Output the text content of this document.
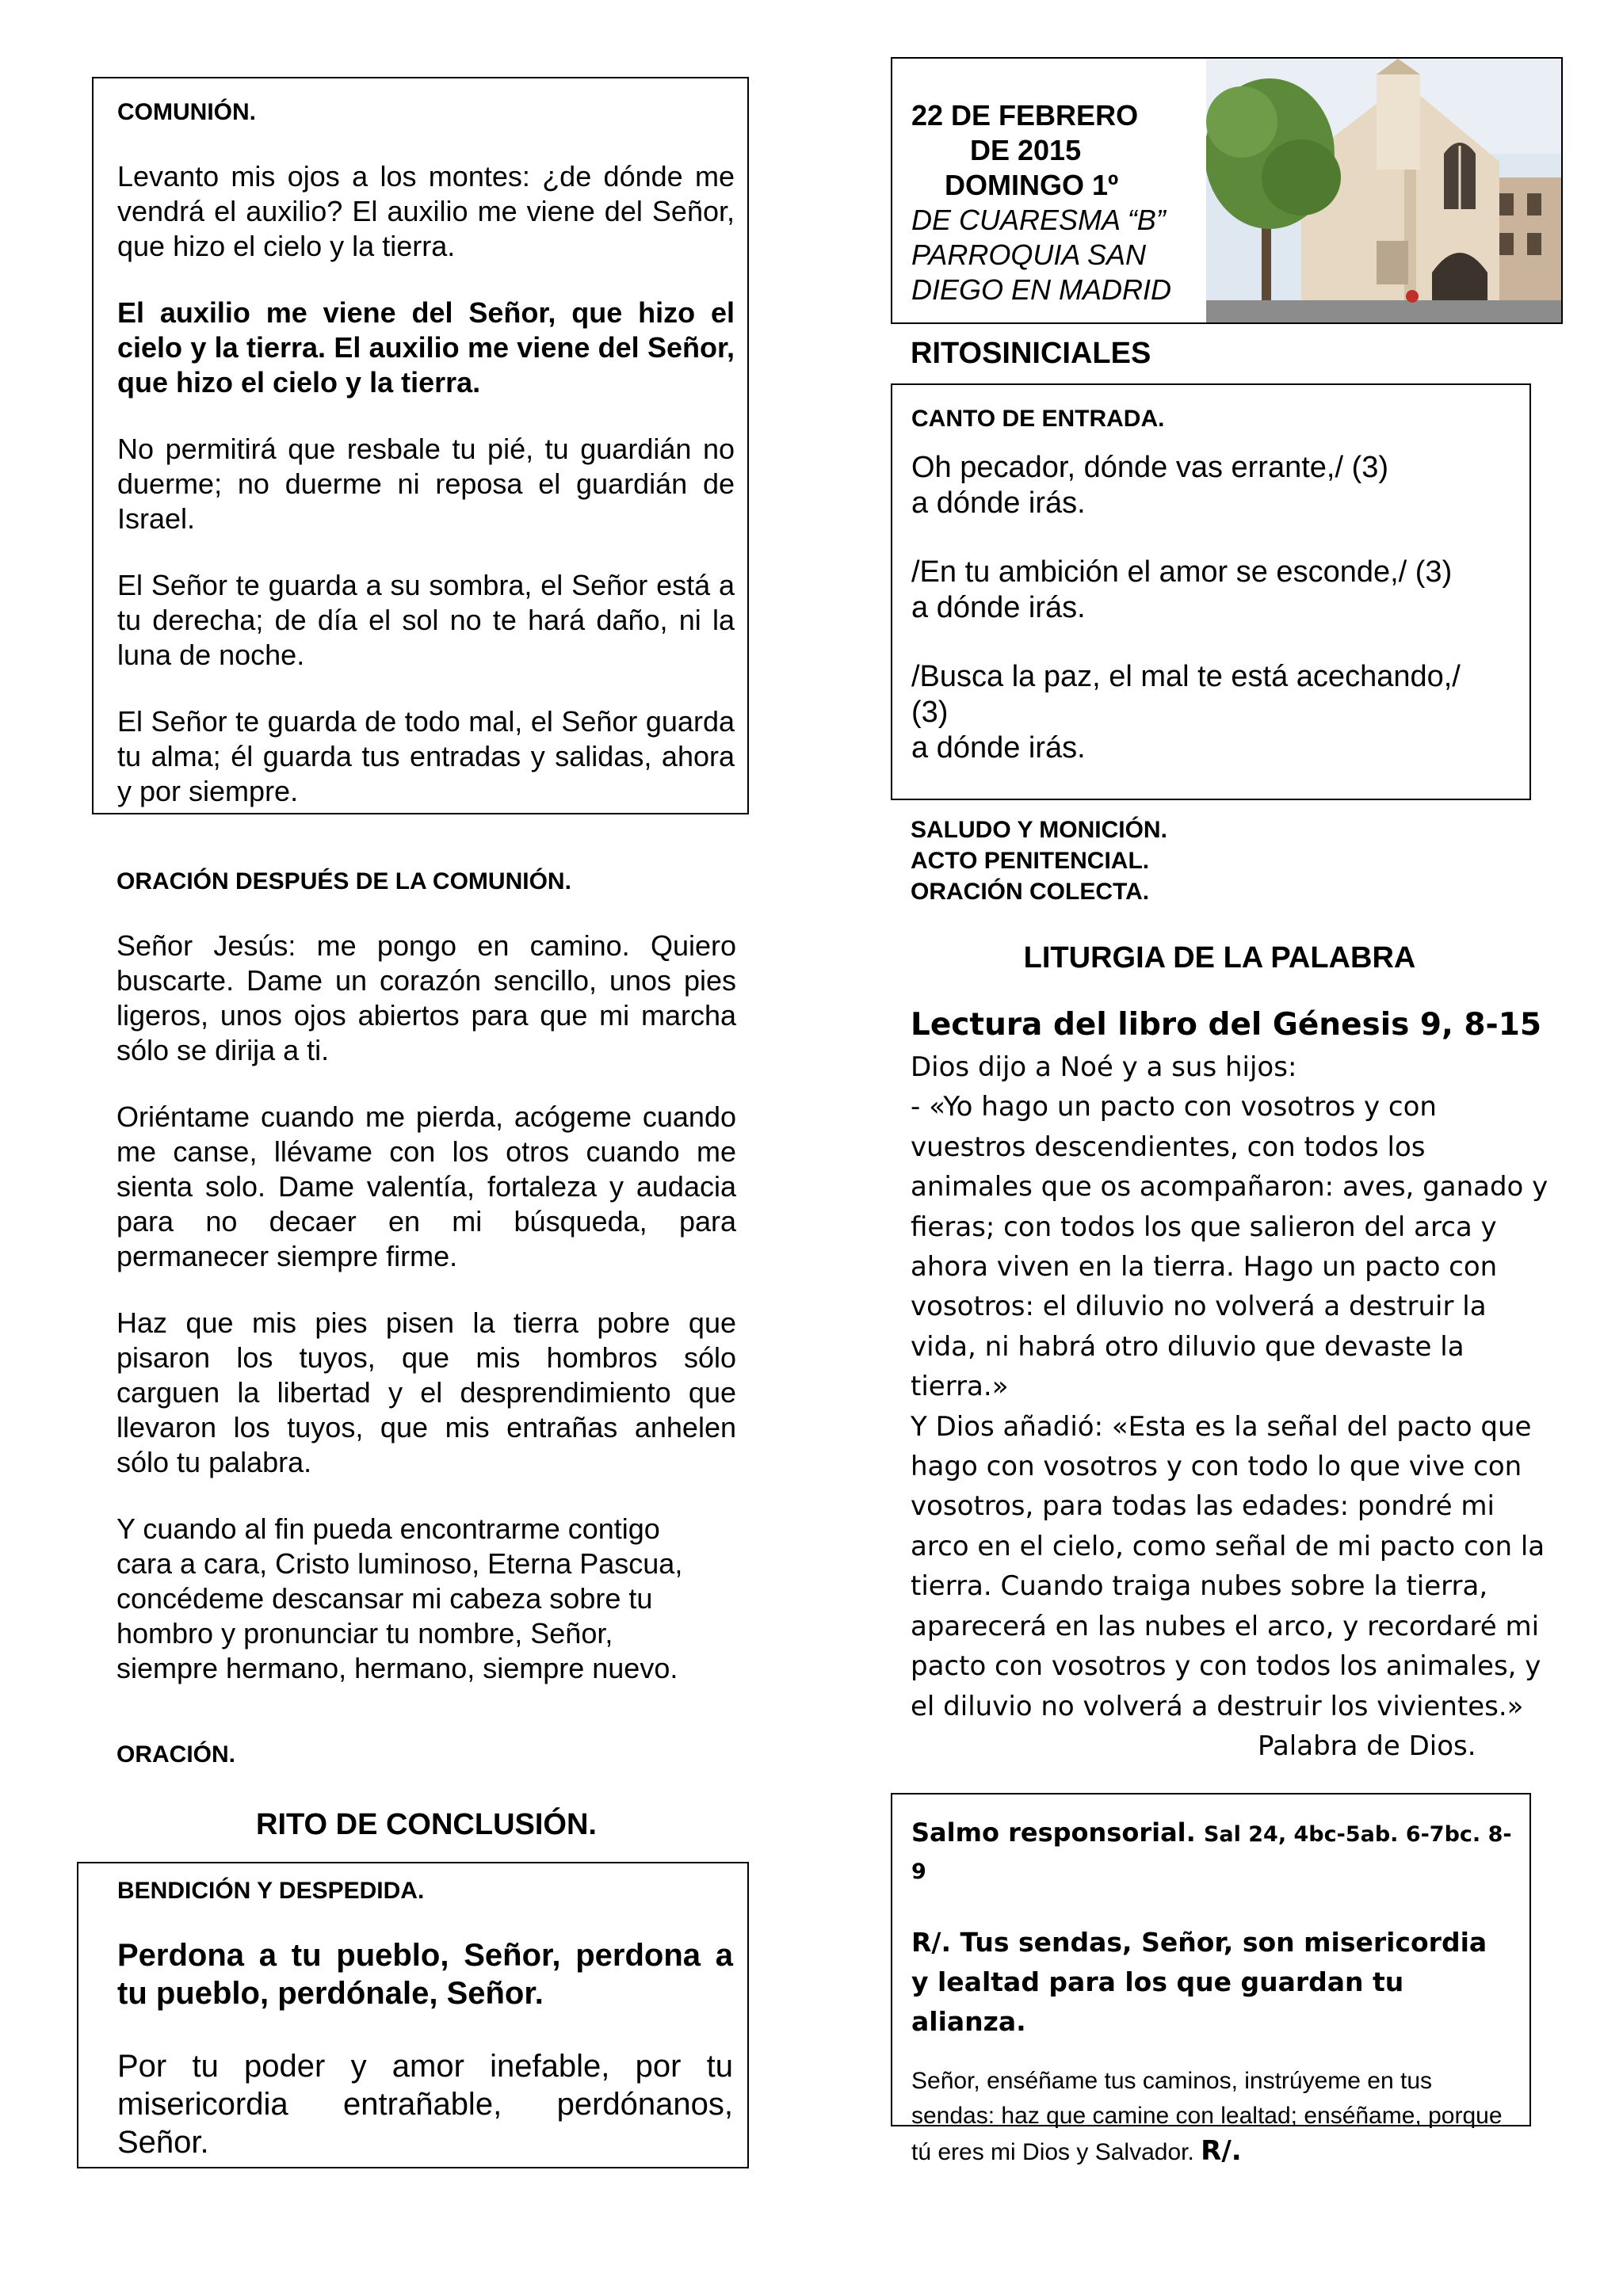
COMUNIÓN.

Levanto mis ojos a los montes: ¿de dónde me vendrá el auxilio? El auxilio me viene del Señor, que hizo el cielo y la tierra.

El auxilio me viene del Señor, que hizo el cielo y la tierra. El auxilio me viene del Señor, que hizo el cielo y la tierra.

No permitirá que resbale tu pié, tu guardián no duerme; no duerme ni reposa el guardián de Israel.

El Señor te guarda a su sombra, el Señor está a tu derecha; de día el sol no te hará daño, ni la luna de noche.

El Señor te guarda de todo mal, el Señor guarda tu alma; él guarda tus entradas y salidas, ahora y por siempre.

ORACIÓN DESPUÉS DE LA COMUNIÓN.

Señor Jesús: me pongo en camino. Quiero buscarte. Dame un corazón sencillo, unos pies ligeros, unos ojos abiertos para que mi marcha sólo se dirija a ti.

Oriéntame cuando me pierda, acógeme cuando me canse, llévame con los otros cuando me sienta solo. Dame valentía, fortaleza y audacia para no decaer en mi búsqueda, para permanecer siempre firme.

Haz que mis pies pisen la tierra pobre que pisaron los tuyos, que mis hombros sólo carguen la libertad y el desprendimiento que llevaron los tuyos, que mis entrañas anhelen sólo tu palabra.

Y cuando al fin pueda encontrarme contigo
cara a cara, Cristo luminoso, Eterna Pascua,
concédeme descansar mi cabeza sobre tu
hombro y pronunciar tu nombre, Señor,
siempre hermano, hermano, siempre nuevo.

ORACIÓN.

RITO DE CONCLUSIÓN.

BENDICIÓN Y DESPEDIDA.

Perdona a tu pueblo, Señor, perdona a tu pueblo, perdónale, Señor.

Por tu poder y amor inefable, por tu misericordia entrañable, perdónanos, Señor.

22 DE FEBRERO
DE 2015
DOMINGO 1º
DE CUARESMA “B”
PARROQUIA SAN
DIEGO EN MADRID

RITOSINICIALES

CANTO DE ENTRADA.

Oh pecador, dónde vas errante,/ (3)
a dónde irás.
/En tu ambición el amor se esconde,/ (3)
a dónde irás.
/Busca la paz, el mal te está acechando,/
(3)
a dónde irás.
SALUDO Y MONICIÓN.
ACTO PENITENCIAL.
ORACIÓN COLECTA.

LITURGIA DE LA PALABRA

Lectura del libro del Génesis 9, 8-15

Dios dijo a Noé y a sus hijos:
- «Yo hago un pacto con vosotros y con
vuestros descendientes, con todos los
animales que os acompañaron: aves, ganado y
fieras; con todos los que salieron del arca y
ahora viven en la tierra. Hago un pacto con
vosotros: el diluvio no volverá a destruir la
vida, ni habrá otro diluvio que devaste la
tierra.»
Y Dios añadió: «Esta es la señal del pacto que
hago con vosotros y con todo lo que vive con
vosotros, para todas las edades: pondré mi
arco en el cielo, como señal de mi pacto con la
tierra. Cuando traiga nubes sobre la tierra,
aparecerá en las nubes el arco, y recordaré mi
pacto con vosotros y con todos los animales, y
el diluvio no volverá a destruir los vivientes.»
Palabra de Dios.

Salmo responsorial. Sal 24, 4bc-5ab. 6-7bc. 8-9

R/. Tus sendas, Señor, son misericordia y lealtad para los que guardan tu alianza.

Señor, enséñame tus caminos, instrúyeme en tus sendas: haz que camine con lealtad; enséñame, porque tú eres mi Dios y Salvador. R/.
